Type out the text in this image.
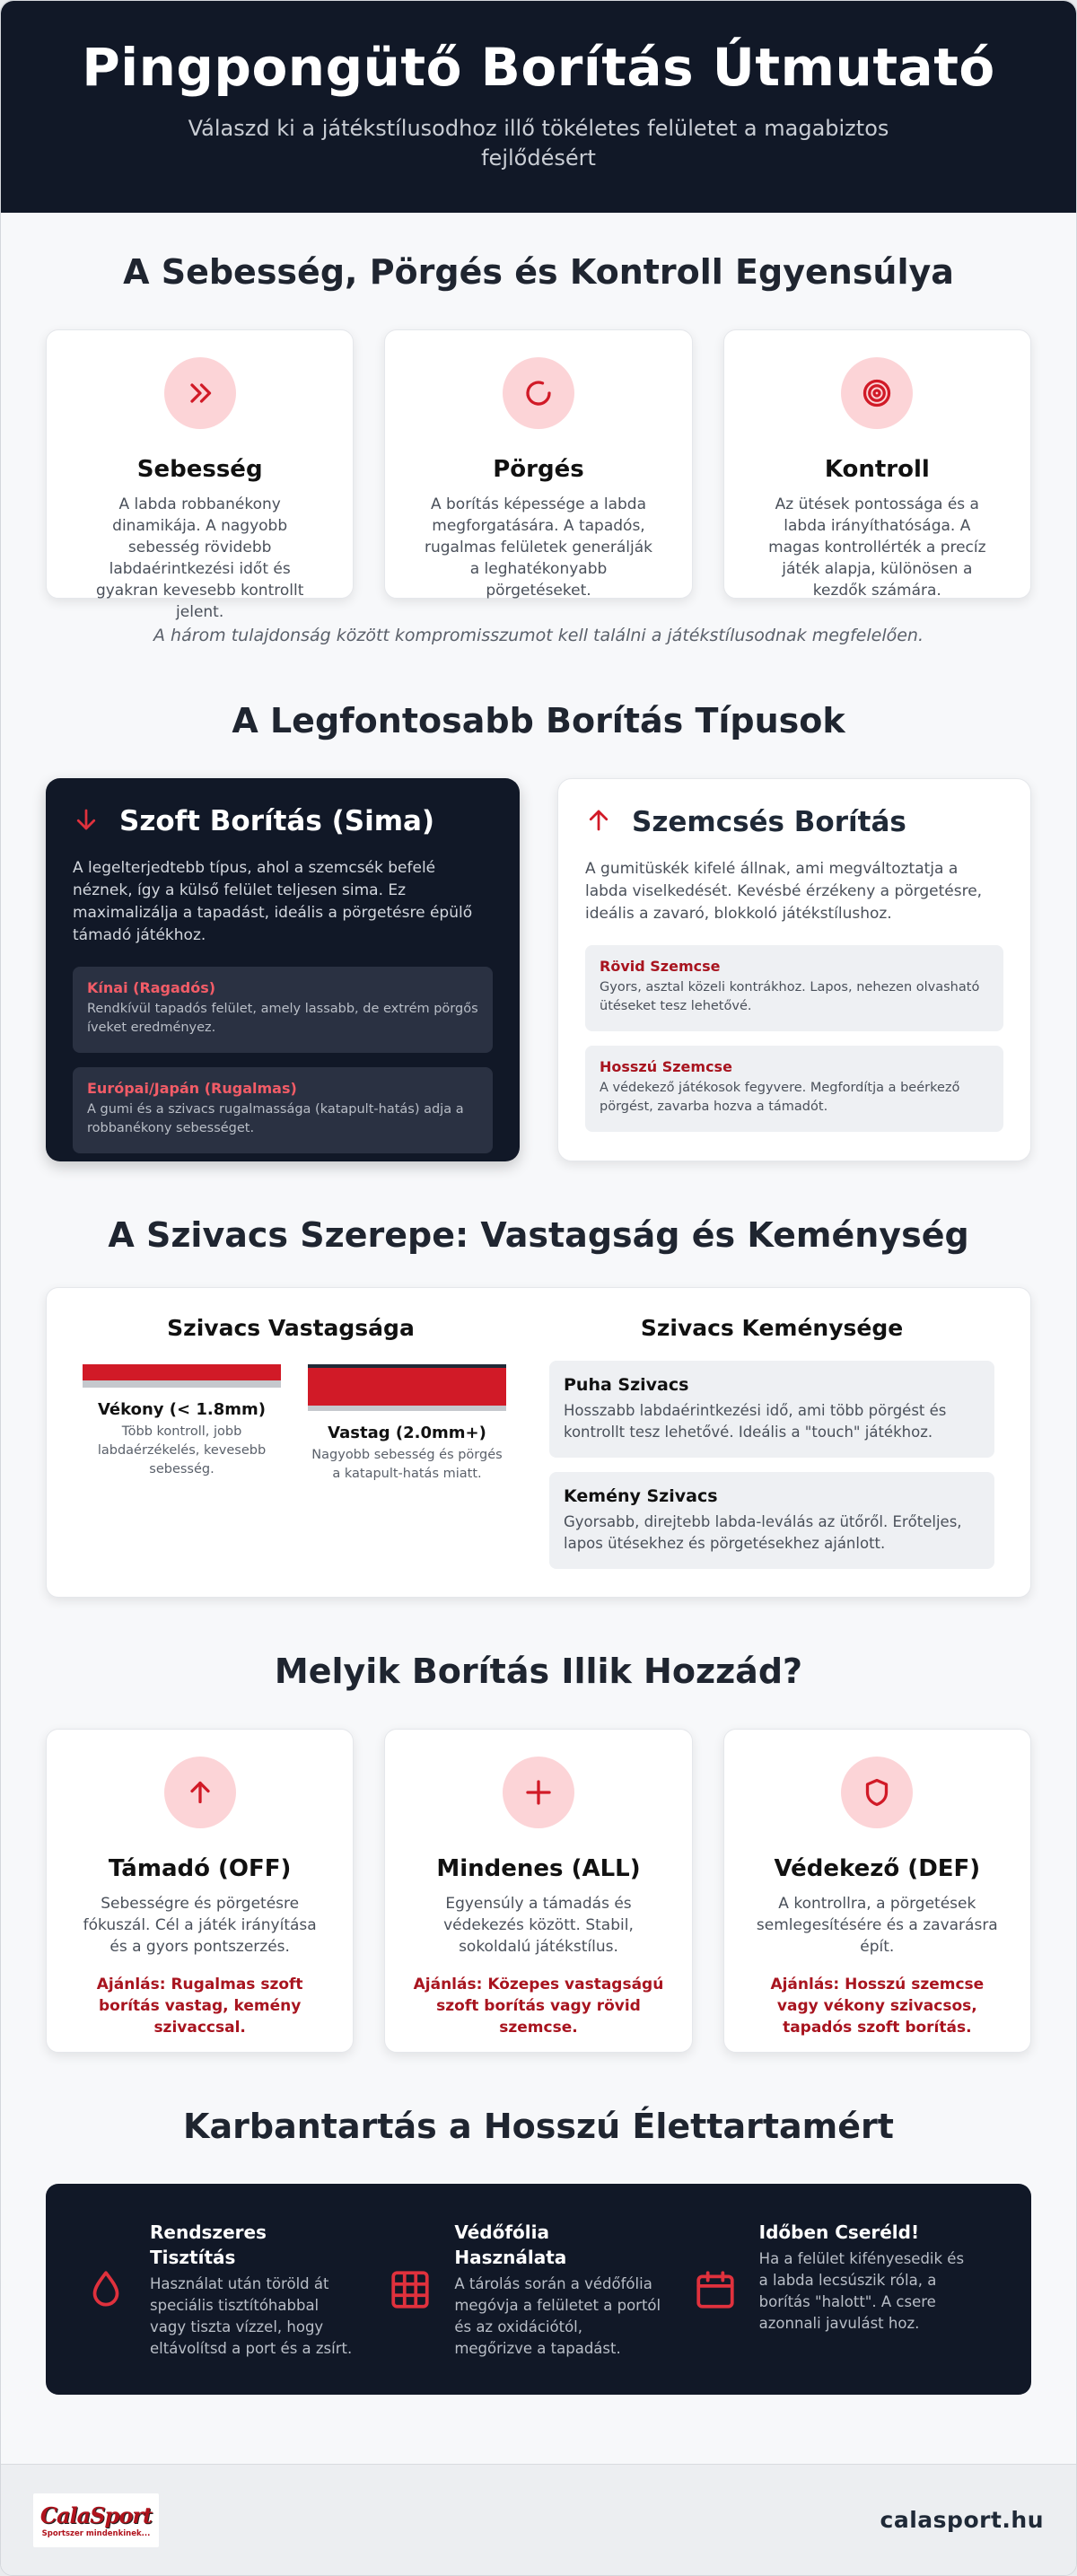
Pingpongütő Borítás Útmutató

Válaszd ki a játékstílusodhoz illő tökéletes felületet a magabiztos fejlődésért

A Sebesség, Pörgés és Kontroll Egyensúlya
Sebesség

A labda robbanékony dinamikája. A nagyobb sebesség rövidebb labdaérintkezési időt és gyakran kevesebb kontrollt jelent.

Pörgés

A borítás képessége a labda megforgatására. A tapadós, rugalmas felületek generálják a leghatékonyabb pörgetéseket.

Kontroll

Az ütések pontossága és a labda irányíthatósága. A magas kontrollérték a precíz játék alapja, különösen a kezdők számára.

A három tulajdonság között kompromisszumot kell találni a játékstílusodnak megfelelően.

A Legfontosabb Borítás Típusok
Szoft Borítás (Sima)

A legelterjedtebb típus, ahol a szemcsék befelé néznek, így a külső felület teljesen sima. Ez maximalizálja a tapadást, ideális a pörgetésre épülő támadó játékhoz.

Kínai (Ragadós)

Rendkívül tapadós felület, amely lassabb, de extrém pörgős íveket eredményez.

Európai/Japán (Rugalmas)

A gumi és a szivacs rugalmassága (katapult-hatás) adja a robbanékony sebességet.

Szemcsés Borítás

A gumitüskék kifelé állnak, ami megváltoztatja a labda viselkedését. Kevésbé érzékeny a pörgetésre, ideális a zavaró, blokkoló játékstílushoz.

Rövid Szemcse

Gyors, asztal közeli kontrákhoz. Lapos, nehezen olvasható ütéseket tesz lehetővé.

Hosszú Szemcse

A védekező játékosok fegyvere. Megfordítja a beérkező pörgést, zavarba hozva a támadót.

A Szivacs Szerepe: Vastagság és Keménység
Szivacs Vastagsága
Vékony (< 1.8mm)

Több kontroll, jobb labdaérzékelés, kevesebb sebesség.

Vastag (2.0mm+)

Nagyobb sebesség és pörgés a katapult-hatás miatt.

Szivacs Keménysége
Puha Szivacs

Hosszabb labdaérintkezési idő, ami több pörgést és kontrollt tesz lehetővé. Ideális a "touch" játékhoz.

Kemény Szivacs

Gyorsabb, direjtebb labda-leválás az ütőről. Erőteljes, lapos ütésekhez és pörgetésekhez ajánlott.

Melyik Borítás Illik Hozzád?
Támadó (OFF)

Sebességre és pörgetésre fókuszál. Cél a játék irányítása és a gyors pontszerzés.

Ajánlás: Rugalmas szoft borítás vastag, kemény szivaccsal.

Mindenes (ALL)

Egyensúly a támadás és védekezés között. Stabil, sokoldalú játékstílus.

Ajánlás: Közepes vastagságú szoft borítás vagy rövid szemcse.

Védekező (DEF)

A kontrollra, a pörgetések semlegesítésére és a zavarásra épít.

Ajánlás: Hosszú szemcse vagy vékony szivacsos, tapadós szoft borítás.

Karbantartás a Hosszú Élettartamért
Rendszeres Tisztítás

Használat után töröld át speciális tisztítóhabbal vagy tiszta vízzel, hogy eltávolítsd a port és a zsírt.

Védőfólia Használata

A tárolás során a védőfólia megóvja a felületet a portól és az oxidációtól, megőrizve a tapadást.

Időben Cseréld!

Ha a felület kifényesedik és a labda lecsúszik róla, a borítás "halott". A csere azonnali javulást hoz.

CalaSport
Sportszer mindenkinek...
calasport.hu
